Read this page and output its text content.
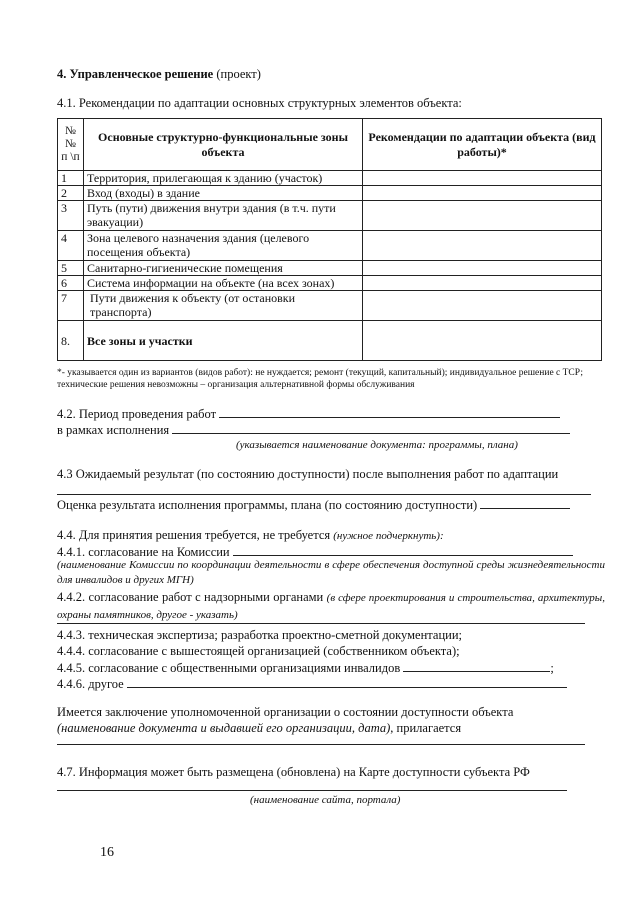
4. Управленческое решение (проект)
4.1. Рекомендации по адаптации основных структурных элементов объекта:
№
№
п \п	Основные структурно-функциональные зоны объекта	Рекомендации по адаптации объекта (вид работы)*
1	Территория, прилегающая к зданию (участок)	
2	Вход (входы) в здание	
3	Путь (пути) движения внутри здания (в т.ч. пути эвакуации)	
4	Зона целевого назначения здания (целевого посещения объекта)	
5	Санитарно-гигиенические помещения	
6	Система информации на объекте (на всех зонах)	
7	Пути движения к объекту (от остановки транспорта)	
8.	Все зоны и участки	
*- указывается один из вариантов (видов работ): не нуждается; ремонт (текущий, капитальный); индивидуальное решение с ТСР; технические решения невозможны – организация альтернативной формы обслуживания
4.2. Период проведения работ
в рамках исполнения
(указывается наименование документа: программы, плана)
4.3 Ожидаемый результат (по состоянию доступности) после выполнения работ по адаптации
Оценка результата исполнения программы, плана (по состоянию доступности)
4.4. Для принятия решения требуется, не требуется (нужное подчеркнуть):
4.4.1. согласование на Комиссии
(наименование Комиссии по координации деятельности в сфере обеспечения доступной среды жизнедеятельности для инвалидов и других МГН)
4.4.2. согласование работ с надзорными органами (в сфере проектирования и строительства, архитектуры, охраны памятников, другое - указать)
4.4.3. техническая экспертиза; разработка проектно-сметной документации;
4.4.4. согласование с вышестоящей организацией (собственником объекта);
4.4.5. согласование с общественными организациями инвалидов	;
4.4.6. другое
Имеется заключение уполномоченной организации о состоянии доступности объекта
(наименование документа и выдавшей его организации, дата), прилагается
4.7. Информация может быть размещена (обновлена) на Карте доступности субъекта РФ
(наименование сайта, портала)
16
